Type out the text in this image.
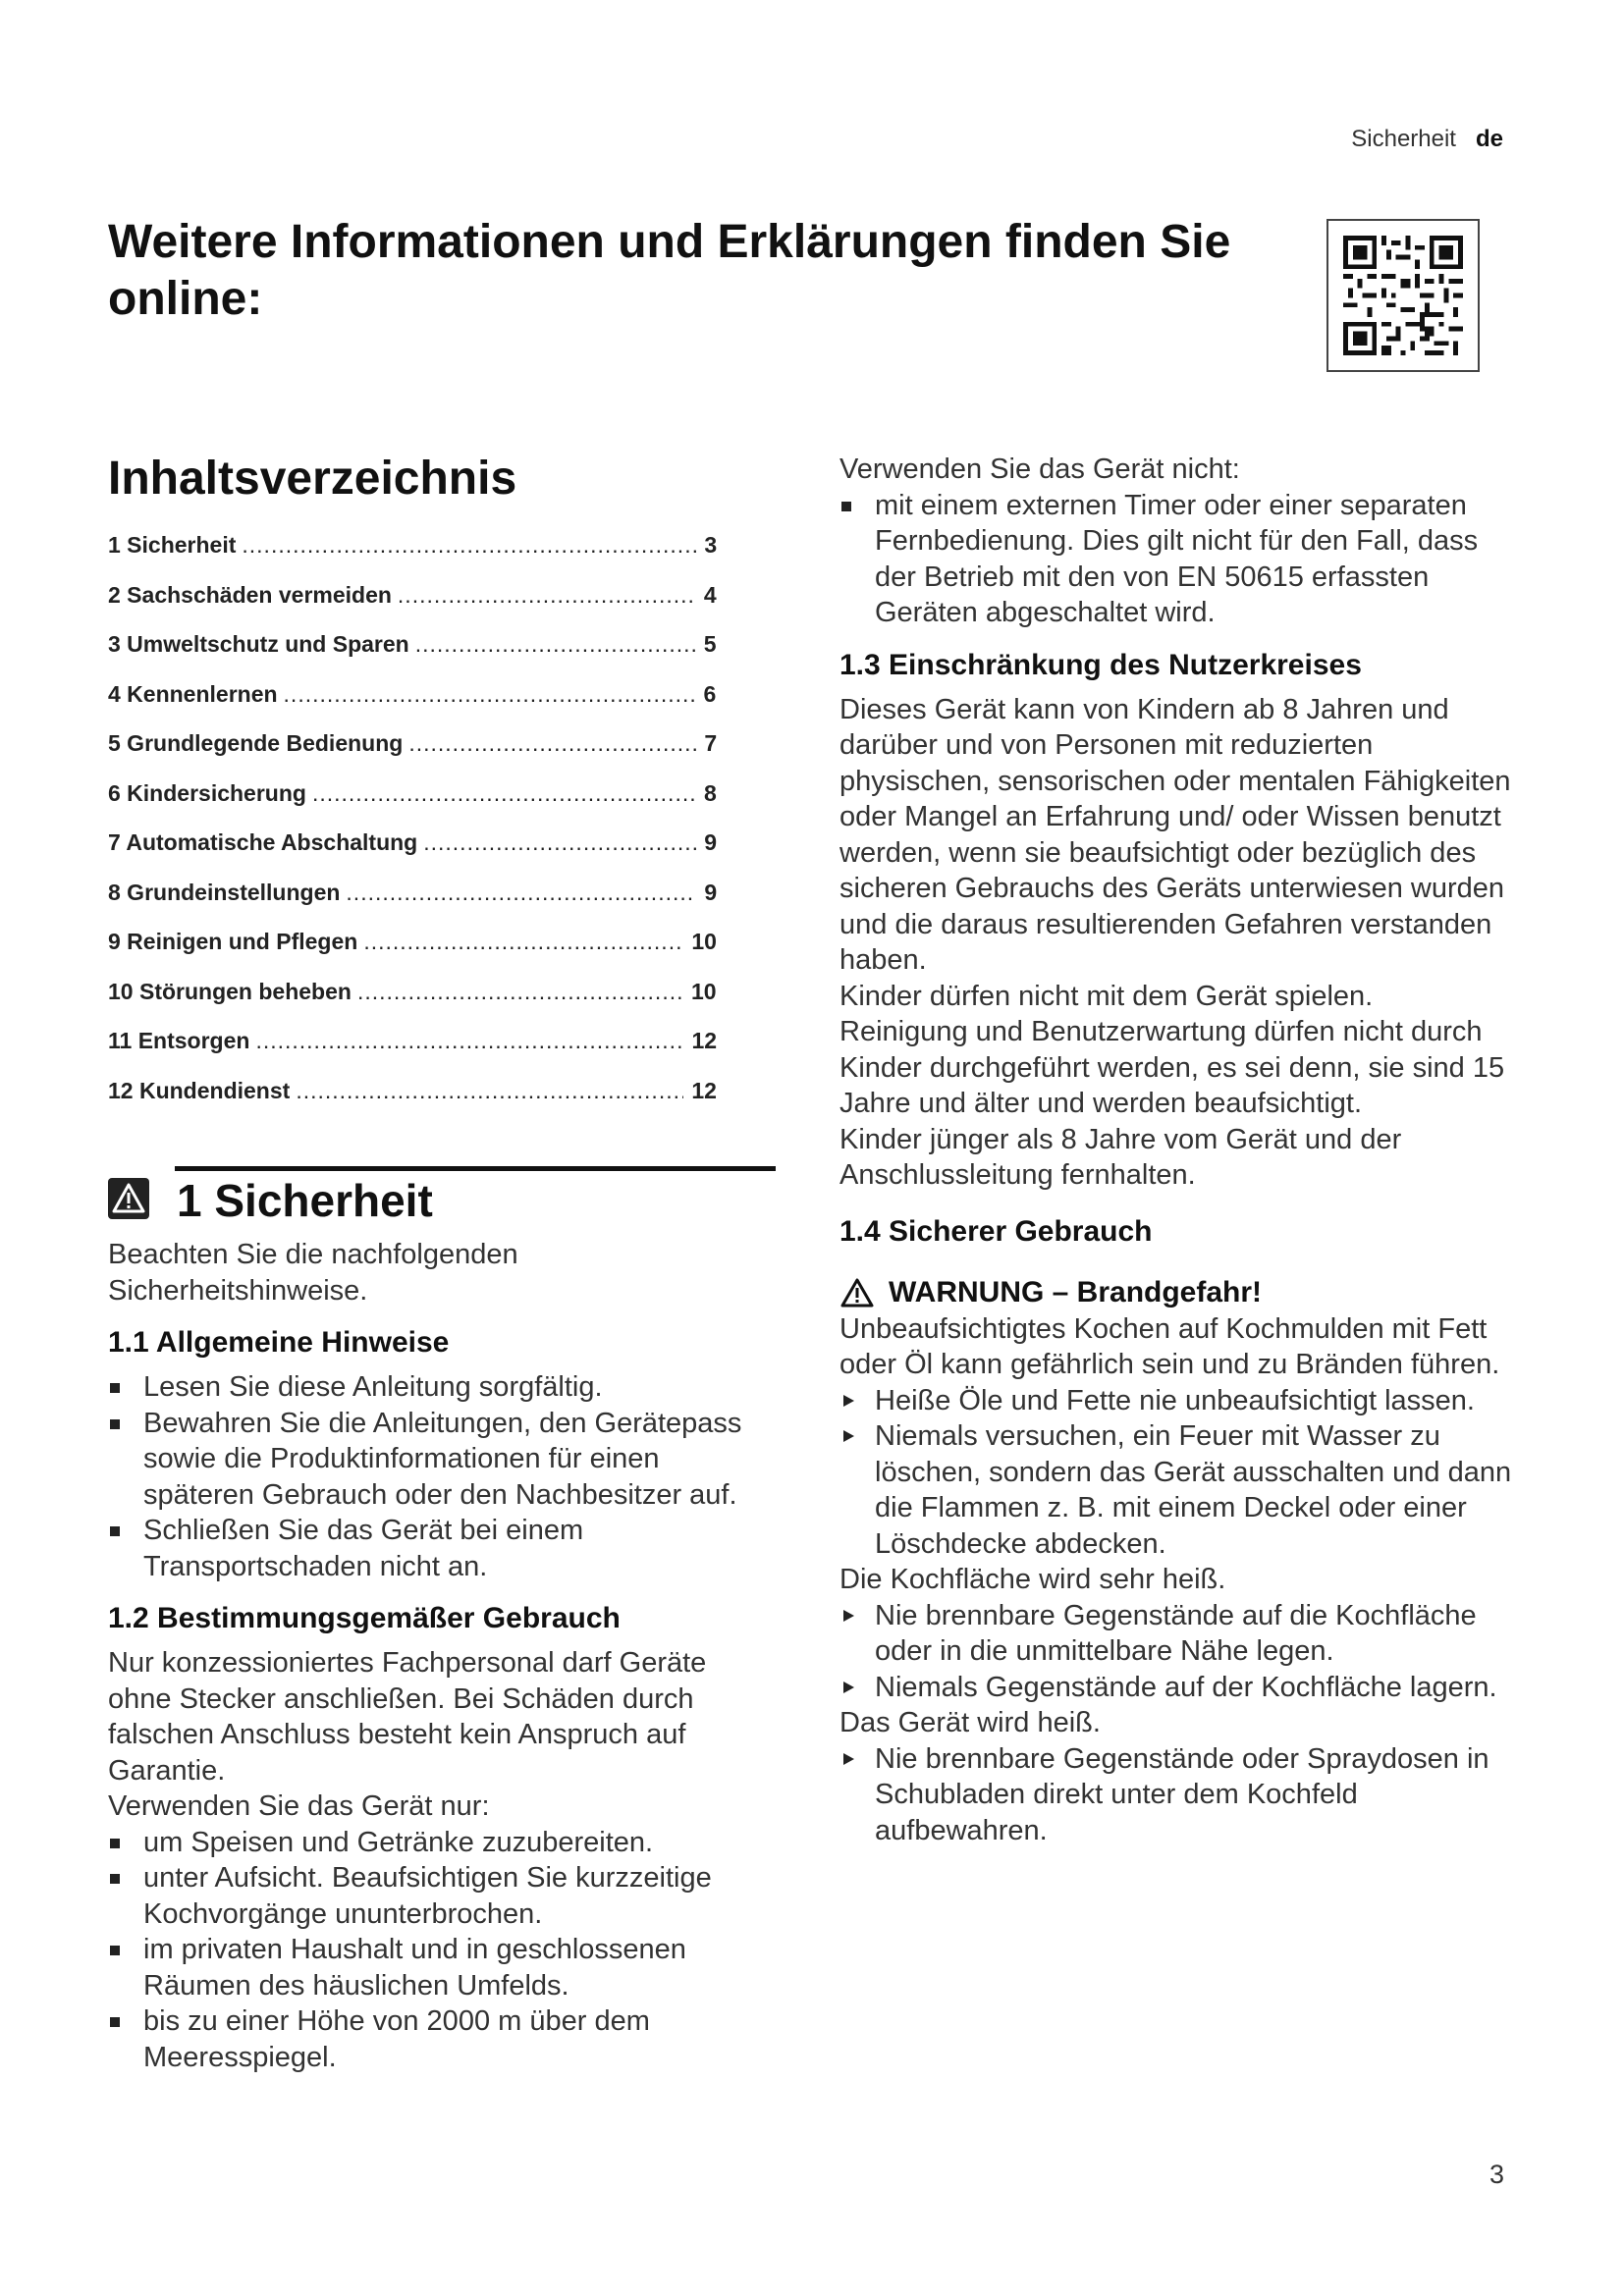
Sicherheit de
Weitere Informationen und Erklärungen finden Sie online:
Inhaltsverzeichnis
1 Sicherheit .....	3
2 Sachschäden vermeiden .....	4
3 Umweltschutz und Sparen .....	5
4 Kennenlernen .....	6
5 Grundlegende Bedienung .....	7
6 Kindersicherung .....	8
7 Automatische Abschaltung .....	9
8 Grundeinstellungen .....	9
9 Reinigen und Pflegen .....	10
10 Störungen beheben .....	10
11 Entsorgen .....	12
12 Kundendienst .....	12
1 Sicherheit

Beachten Sie die nachfolgenden Sicherheitshinweise.

1.1 Allgemeine Hinweise
Lesen Sie diese Anleitung sorgfältig.
Bewahren Sie die Anleitungen, den Gerätepass sowie die Produktinformationen für einen späteren Gebrauch oder den Nachbesitzer auf.
Schließen Sie das Gerät bei einem Transportschaden nicht an.
1.2 Bestimmungsgemäßer Gebrauch

Nur konzessioniertes Fachpersonal darf Geräte ohne Stecker anschließen. Bei Schäden durch falschen Anschluss besteht kein Anspruch auf Garantie.

Verwenden Sie das Gerät nur:

um Speisen und Getränke zuzubereiten.
unter Aufsicht. Beaufsichtigen Sie kurzzeitige Kochvorgänge ununterbrochen.
im privaten Haushalt und in geschlossenen Räumen des häuslichen Umfelds.
bis zu einer Höhe von 2000 m über dem Meeresspiegel.

Verwenden Sie das Gerät nicht:

mit einem externen Timer oder einer separaten Fernbedienung. Dies gilt nicht für den Fall, dass der Betrieb mit den von EN 50615 erfassten Geräten abgeschaltet wird.
1.3 Einschränkung des Nutzerkreises

Dieses Gerät kann von Kindern ab 8 Jahren und darüber und von Personen mit reduzierten physischen, sensorischen oder mentalen Fähigkeiten oder Mangel an Erfahrung und/ oder Wissen benutzt werden, wenn sie beaufsichtigt oder bezüglich des sicheren Gebrauchs des Geräts unterwiesen wurden und die daraus resultierenden Gefahren verstanden haben.

Kinder dürfen nicht mit dem Gerät spielen.

Reinigung und Benutzerwartung dürfen nicht durch Kinder durchgeführt werden, es sei denn, sie sind 15 Jahre und älter und werden beaufsichtigt.

Kinder jünger als 8 Jahre vom Gerät und der Anschlussleitung fernhalten.

1.4 Sicherer Gebrauch
WARNUNG – Brandgefahr!

Unbeaufsichtigtes Kochen auf Kochmulden mit Fett oder Öl kann gefährlich sein und zu Bränden führen.

Heiße Öle und Fette nie unbeaufsichtigt lassen.
Niemals versuchen, ein Feuer mit Wasser zu löschen, sondern das Gerät ausschalten und dann die Flammen z. B. mit einem Deckel oder einer Löschdecke abdecken.

Die Kochfläche wird sehr heiß.

Nie brennbare Gegenstände auf die Kochfläche oder in die unmittelbare Nähe legen.
Niemals Gegenstände auf der Kochfläche lagern.

Das Gerät wird heiß.

Nie brennbare Gegenstände oder Spraydosen in Schubladen direkt unter dem Kochfeld aufbewahren.
3
